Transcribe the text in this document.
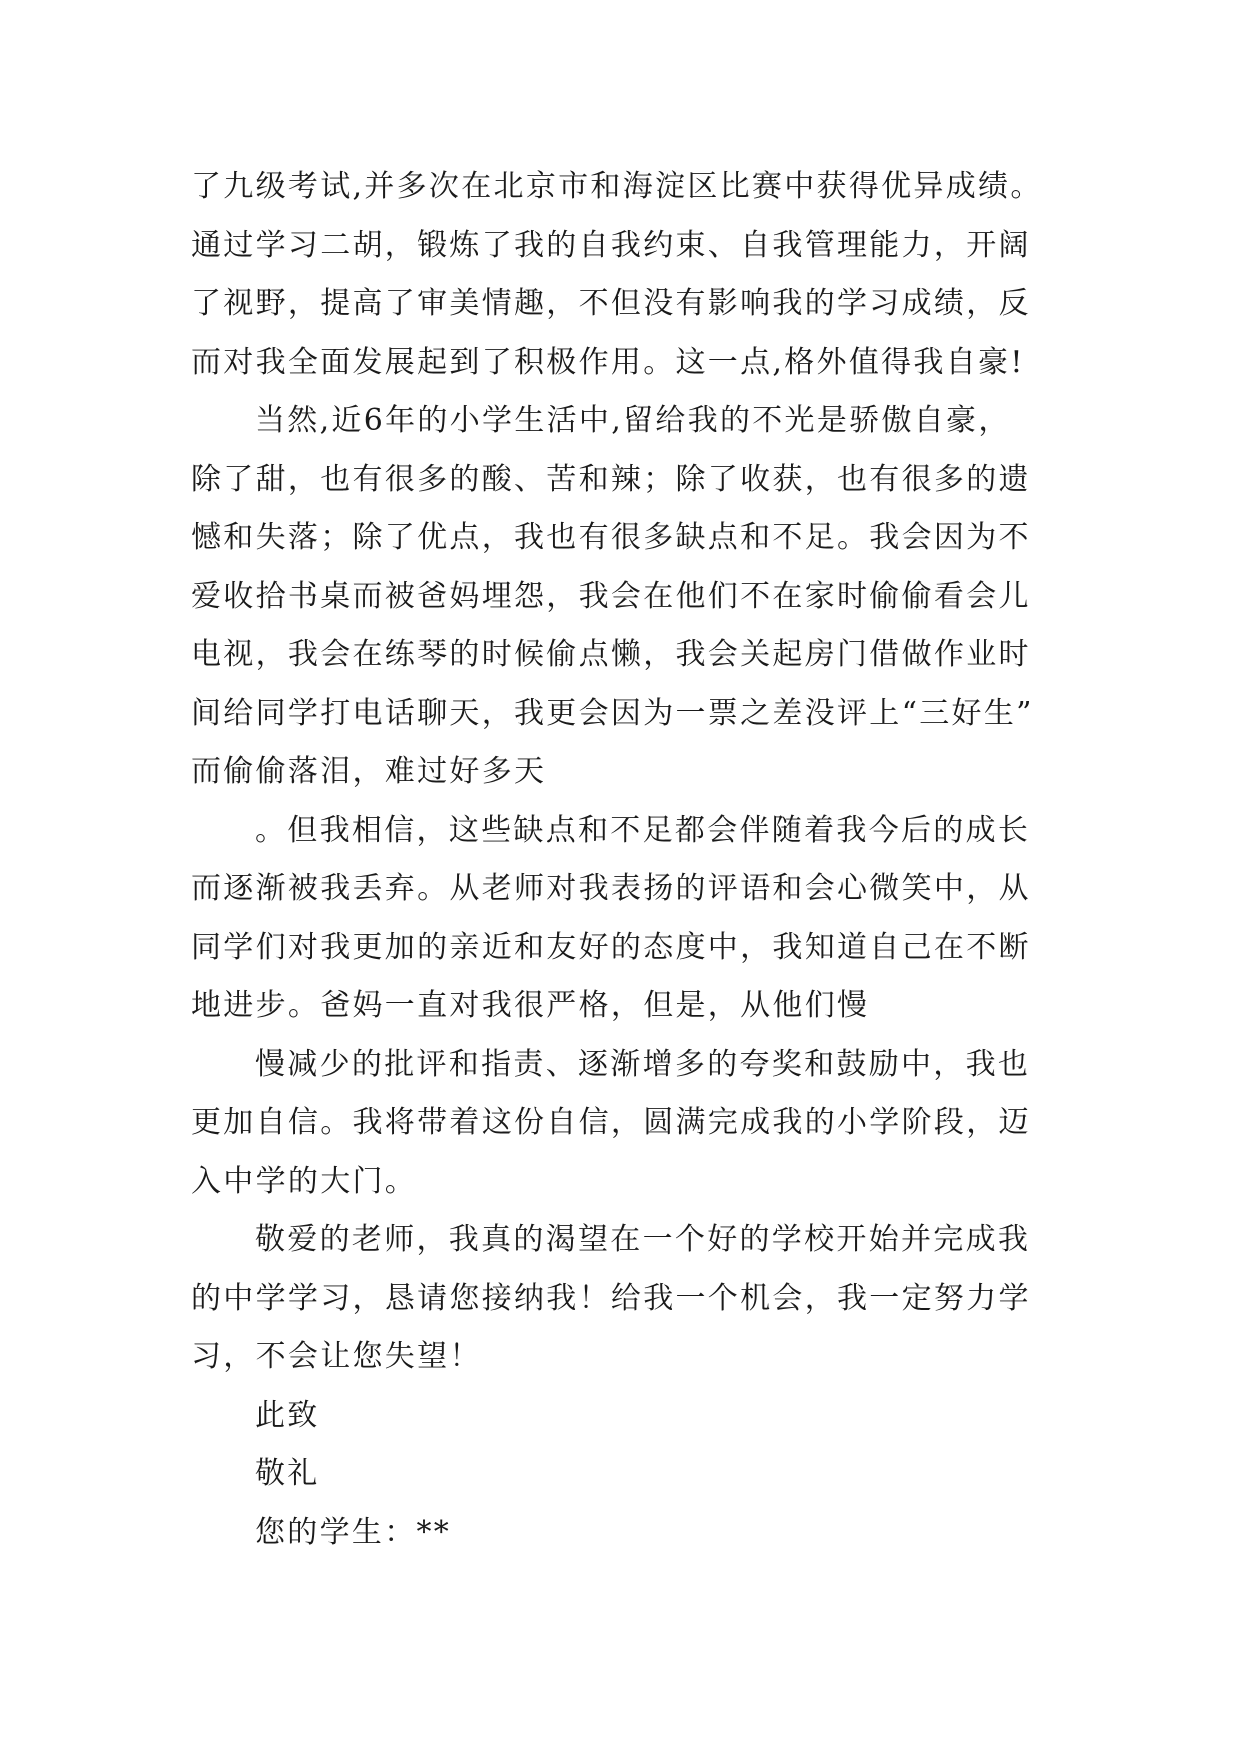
了九级考试,并多次在北京市和海淀区比赛中获得优异成绩。
通过学习二胡，锻炼了我的自我约束、自我管理能力，开阔
了视野，提高了审美情趣，不但没有影响我的学习成绩，反
而对我全面发展起到了积极作用。这一点,格外值得我自豪!
当然,近6年的小学生活中,留给我的不光是骄傲自豪，
除了甜，也有很多的酸、苦和辣；除了收获，也有很多的遗
憾和失落；除了优点，我也有很多缺点和不足。我会因为不
爱收拾书桌而被爸妈埋怨，我会在他们不在家时偷偷看会儿
电视，我会在练琴的时候偷点懒，我会关起房门借做作业时
间给同学打电话聊天，我更会因为一票之差没评上“三好生”
而偷偷落泪，难过好多天
。但我相信，这些缺点和不足都会伴随着我今后的成长
而逐渐被我丢弃。从老师对我表扬的评语和会心微笑中，从
同学们对我更加的亲近和友好的态度中，我知道自己在不断
地进步。爸妈一直对我很严格，但是，从他们慢
慢减少的批评和指责、逐渐增多的夸奖和鼓励中，我也
更加自信。我将带着这份自信，圆满完成我的小学阶段，迈
入中学的大门。
敬爱的老师，我真的渴望在一个好的学校开始并完成我
的中学学习，恳请您接纳我！给我一个机会，我一定努力学
习，不会让您失望！
此致
敬礼
您的学生：**
